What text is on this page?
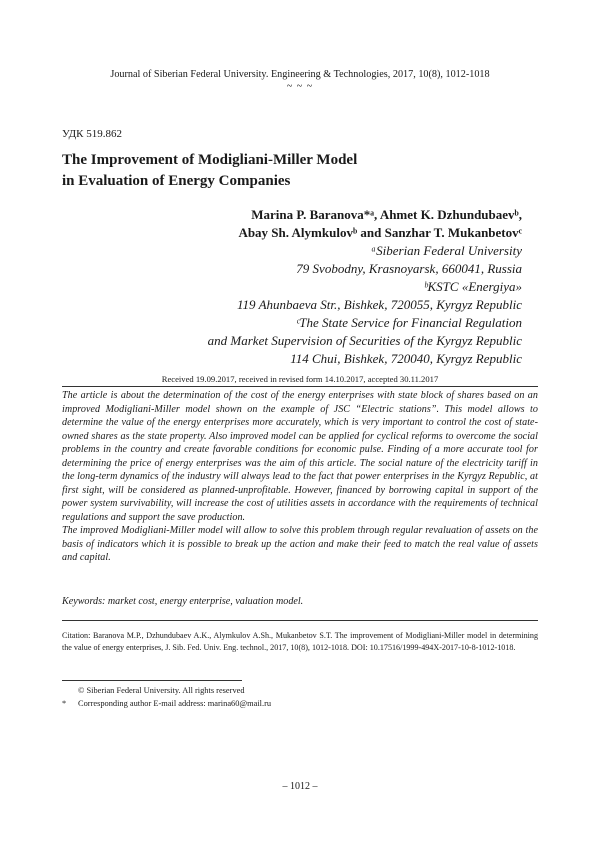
Journal of Siberian Federal University. Engineering & Technologies, 2017, 10(8), 1012-1018
~ ~ ~
УДК 519.862
The Improvement of Modigliani-Miller Model
in Evaluation of Energy Companies
Marina P. Baranova*ᵃ, Ahmet K. Dzhundubaevᵇ,
Abay Sh. Alymkulovᵇ and Sanzhar T. Mukanbetovᶜ
ᵃSiberian Federal University
79 Svobodny, Krasnoyarsk, 660041, Russia
ᵇKSTC «Energiya»
119 Ahunbaeva Str., Bishkek, 720055, Kyrgyz Republic
ᶜThe State Service for Financial Regulation
and Market Supervision of Securities of the Kyrgyz Republic
114 Chui, Bishkek, 720040, Kyrgyz Republic
Received 19.09.2017, received in revised form 14.10.2017, accepted 30.11.2017

The article is about the determination of the cost of the energy enterprises with state block of shares based on an improved Modigliani-Miller model shown on the example of JSC “Electric stations”. This model allows to determine the value of the energy enterprises more accurately, which is very important to control the cost of state-owned shares as the state property. Also improved model can be applied for cyclical reforms to overcome the social problems in the country and create favorable conditions for economic pulse. Finding of a more accurate tool for determining the price of energy enterprises was the aim of this article. The social nature of the electricity tariff in the long-term dynamics of the industry will always lead to the fact that power enterprises in the Kyrgyz Republic, at first sight, will be considered as planned-unprofitable. However, financed by borrowing capital in support of the power system survivability, will increase the cost of utilities assets in accordance with the requirements of technical regulations and support the save production.

The improved Modigliani-Miller model will allow to solve this problem through regular revaluation of assets on the basis of indicators which it is possible to break up the action and make their feed to match the real value of assets and capital.

Keywords: market cost, energy enterprise, valuation model.
Citation: Baranova M.P., Dzhundubaev A.K., Alymkulov A.Sh., Mukanbetov S.T. The improvement of Modigliani-Miller model in determining the value of energy enterprises, J. Sib. Fed. Univ. Eng. technol., 2017, 10(8), 1012-1018. DOI: 10.17516/1999-494X-2017-10-8-1012-1018.
© Siberian Federal University. All rights reserved
*	Corresponding author E-mail address: marina60@mail.ru
– 1012 –
